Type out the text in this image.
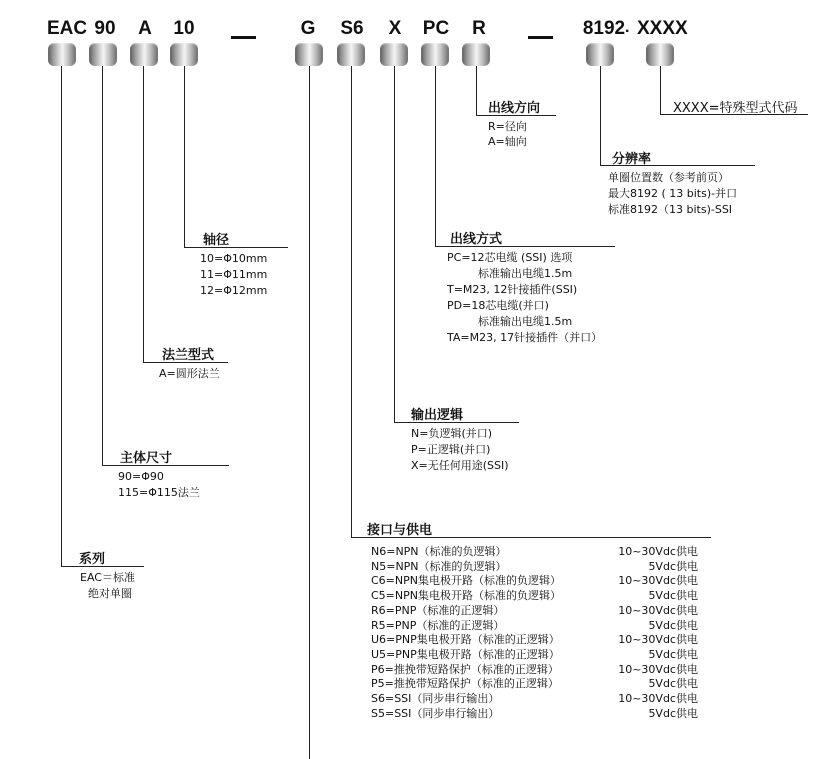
EAC 90 A 10	G S6 X PC R	8192 . XXXX
XXXX=特殊型式代码
出线方向
R=径向
A=轴向
分辨率
单圈位置数（参考前页）
最大8192 ( 13 bits)-并口
标准8192（13 bits)-SSI
轴径
10=Φ10mm
11=Φ11mm
12=Φ12mm
出线方式
PC=12芯电缆 (SSI) 选项
标准输出电缆1.5m
T=M23, 12针接插件(SSI)
PD=18芯电缆(并口)
标准输出电缆1.5m
TA=M23, 17针接插件（并口）
法兰型式
A=圆形法兰
输出逻辑
N=负逻辑(并口)
P=正逻辑(并口)
X=无任何用途(SSI)
主体尺寸
90=Φ90
115=Φ115法兰
接口与供电
N6=NPN（标准的负逻辑）	10~30Vdc供电
N5=NPN（标准的负逻辑）	5Vdc供电
C6=NPN集电极开路（标准的负逻辑）	10~30Vdc供电
C5=NPN集电极开路（标准的负逻辑）	5Vdc供电
R6=PNP（标准的正逻辑）	10~30Vdc供电
R5=PNP（标准的正逻辑）	5Vdc供电
U6=PNP集电极开路（标准的正逻辑）	10~30Vdc供电
U5=PNP集电极开路（标准的正逻辑）	5Vdc供电
P6=推挽带短路保护（标准的正逻辑）	10~30Vdc供电
P5=推挽带短路保护（标准的正逻辑）	5Vdc供电
S6=SSI（同步串行输出）	10~30Vdc供电
S5=SSI（同步串行输出）	5Vdc供电
系列
EAC＝标准
绝对单圈
